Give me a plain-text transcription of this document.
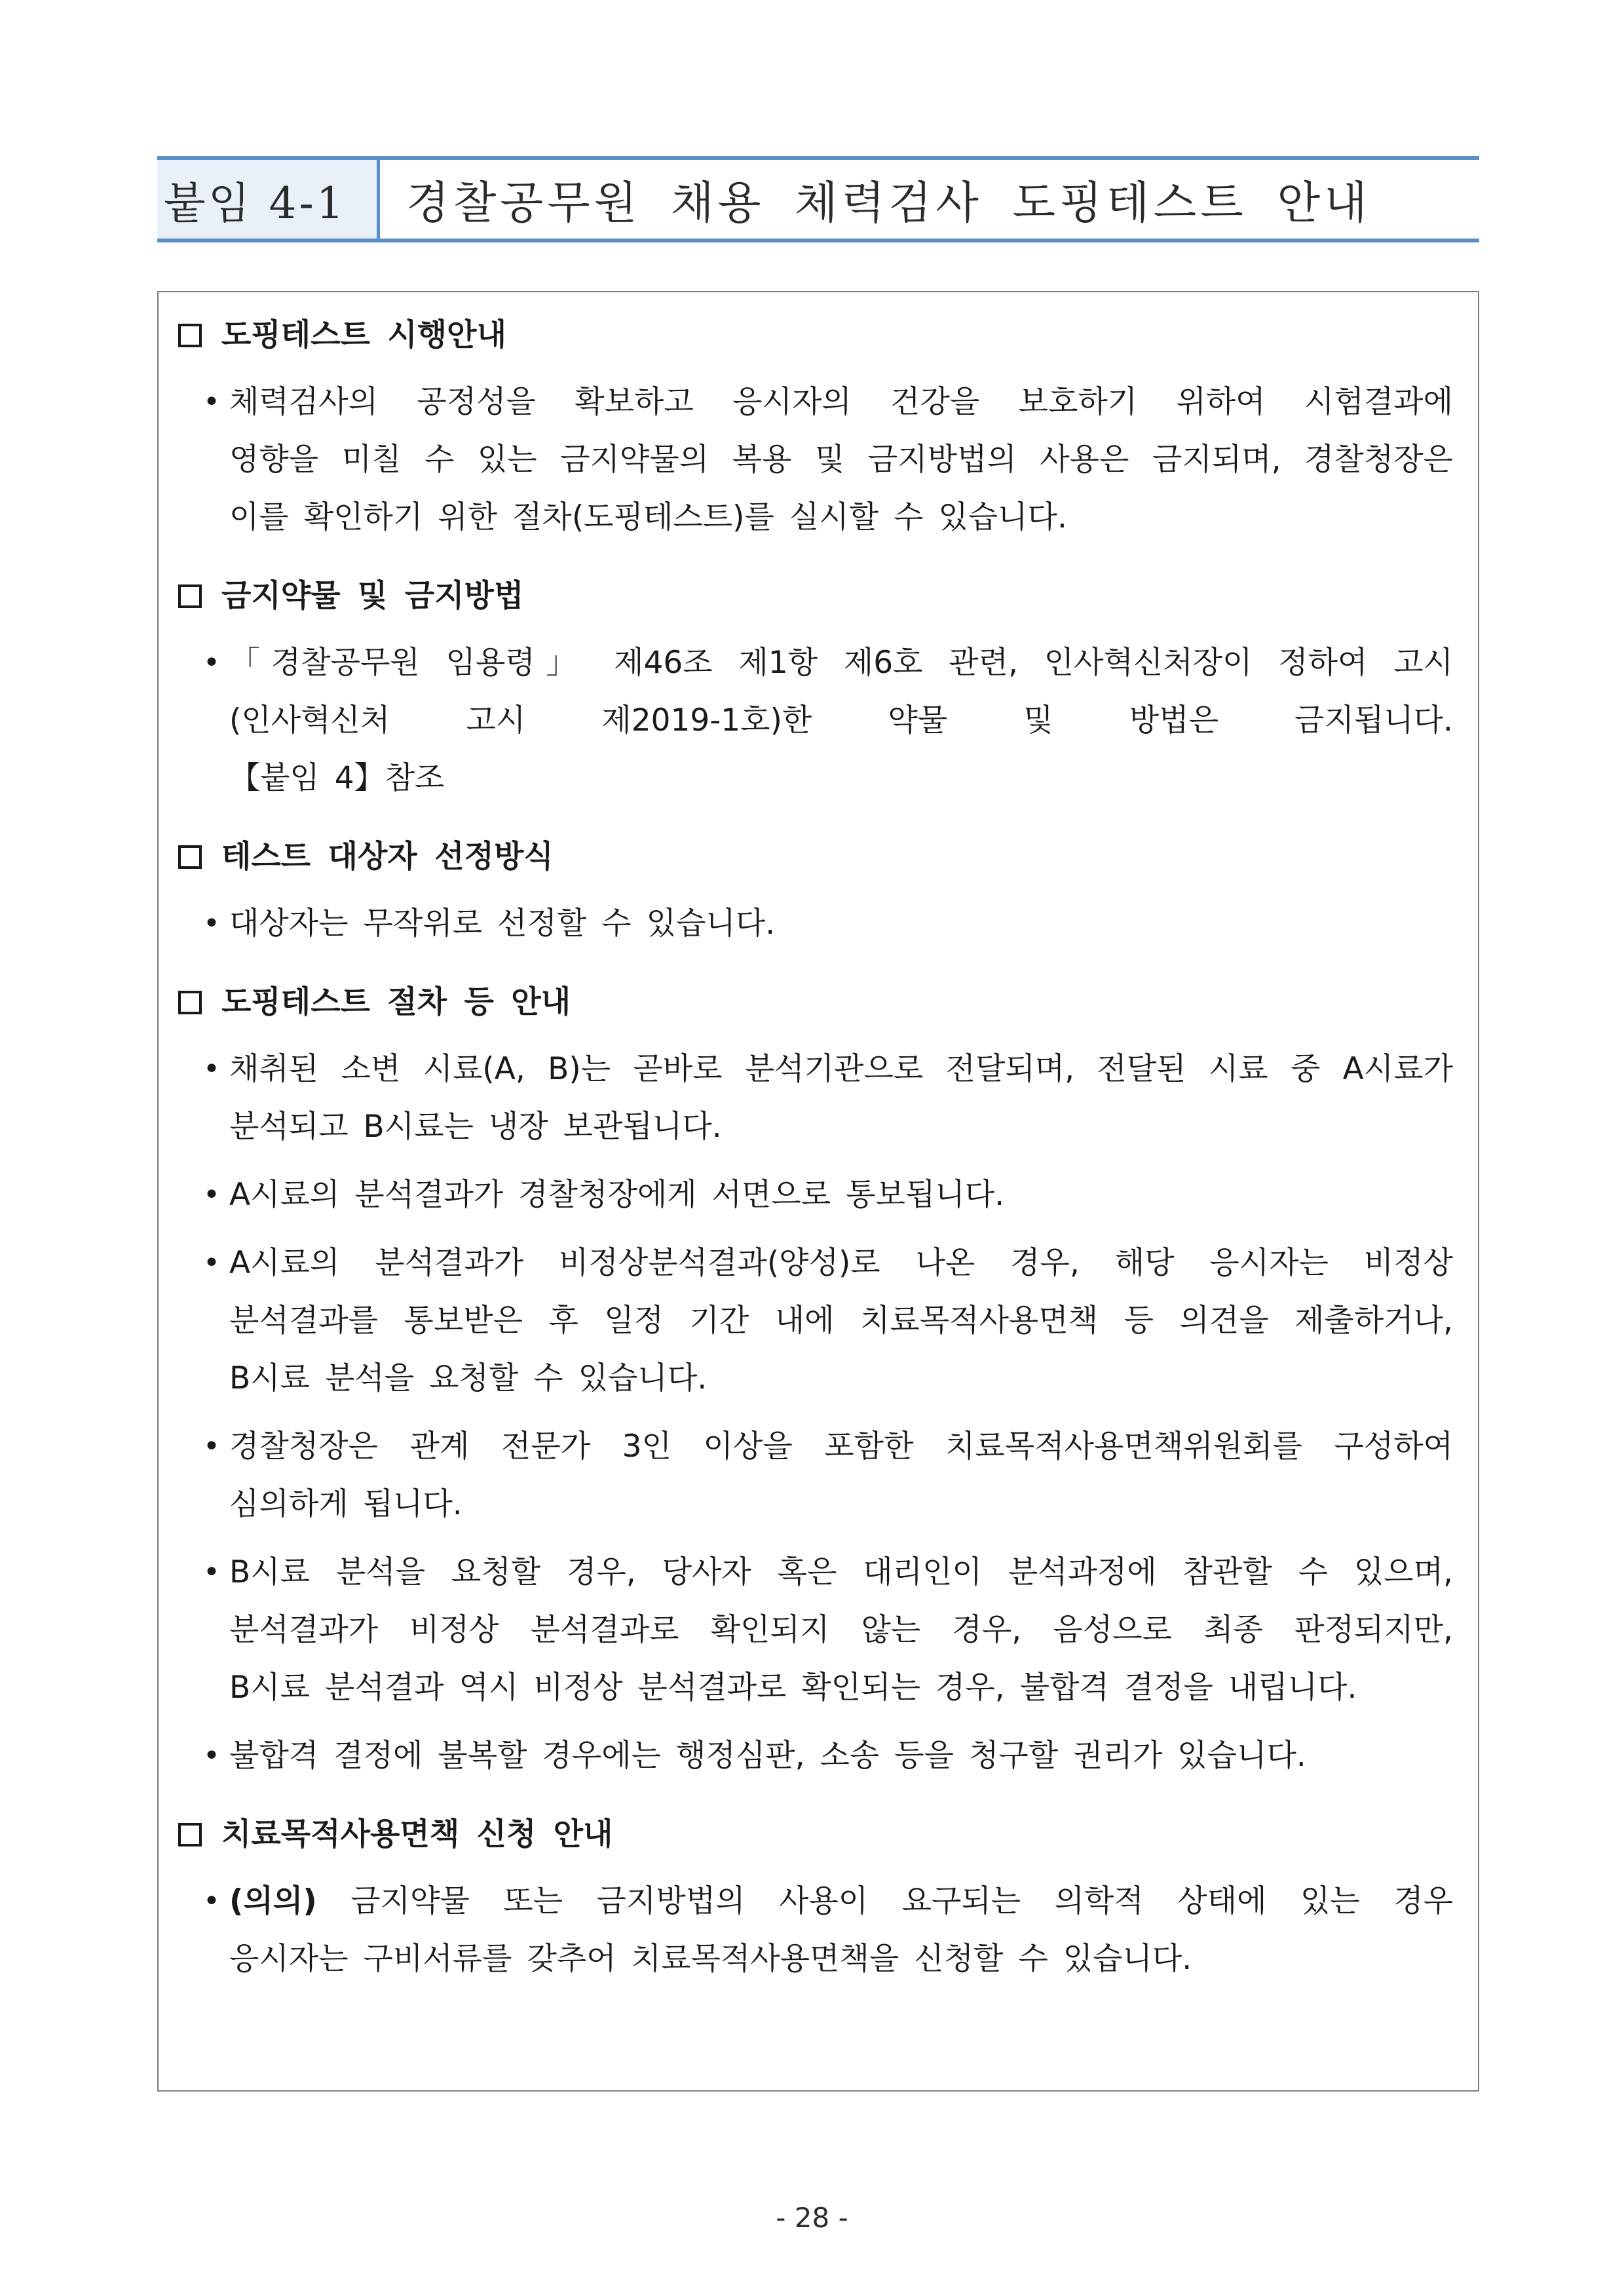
붙임 4-1	경찰공무원 채용 체력검사 도핑테스트 안내
도핑테스트 시행안내
• 체력검사의 공정성을 확보하고 응시자의 건강을 보호하기 위하여 시험결과에
영향을 미칠 수 있는 금지약물의 복용 및 금지방법의 사용은 금지되며, 경찰청장은
이를 확인하기 위한 절차(도핑테스트)를 실시할 수 있습니다.
금지약물 및 금지방법
• 「경찰공무원 임용령」 제46조 제1항 제6호 관련, 인사혁신처장이 정하여 고시
(인사혁신처 고시 제2019-1호)한 약물 및 방법은 금지됩니다.
【붙임 4】참조
테스트 대상자 선정방식
• 대상자는 무작위로 선정할 수 있습니다.
도핑테스트 절차 등 안내
• 채취된 소변 시료(A, B)는 곧바로 분석기관으로 전달되며, 전달된 시료 중 A시료가
분석되고 B시료는 냉장 보관됩니다.
• A시료의 분석결과가 경찰청장에게 서면으로 통보됩니다.
• A시료의 분석결과가 비정상분석결과(양성)로 나온 경우, 해당 응시자는 비정상
분석결과를 통보받은 후 일정 기간 내에 치료목적사용면책 등 의견을 제출하거나,
B시료 분석을 요청할 수 있습니다.
• 경찰청장은 관계 전문가 3인 이상을 포함한 치료목적사용면책위원회를 구성하여
심의하게 됩니다.
• B시료 분석을 요청할 경우, 당사자 혹은 대리인이 분석과정에 참관할 수 있으며,
분석결과가 비정상 분석결과로 확인되지 않는 경우, 음성으로 최종 판정되지만,
B시료 분석결과 역시 비정상 분석결과로 확인되는 경우, 불합격 결정을 내립니다.
• 불합격 결정에 불복할 경우에는 행정심판, 소송 등을 청구할 권리가 있습니다.
치료목적사용면책 신청 안내
• (의의) 금지약물 또는 금지방법의 사용이 요구되는 의학적 상태에 있는 경우
응시자는 구비서류를 갖추어 치료목적사용면책을 신청할 수 있습니다.
- 28 -
